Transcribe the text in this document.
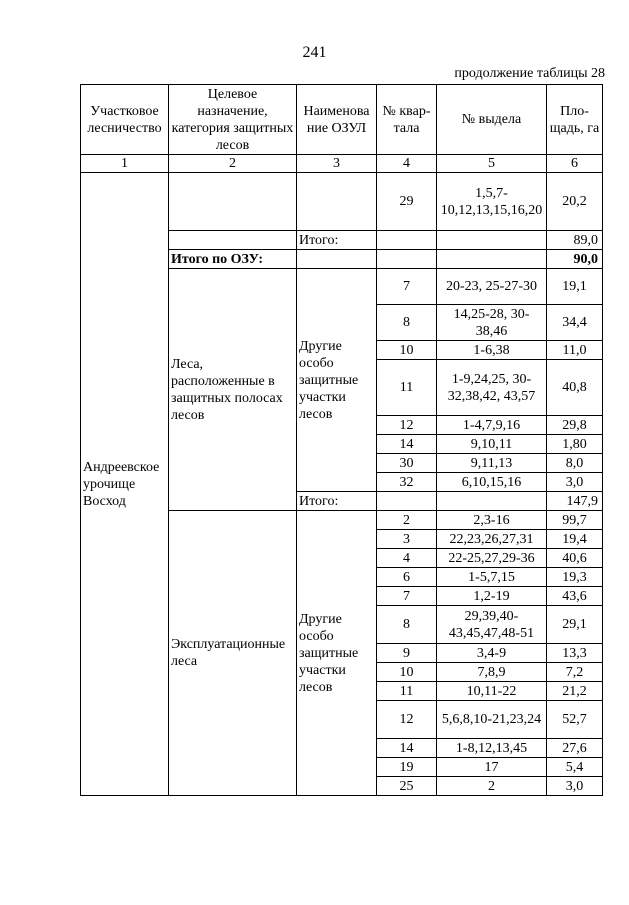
241
продолжение таблицы 28
Участковое лесничество	Целевое назначение, категория защитных лесов	Наименова ние ОЗУЛ	№ квар- тала	№ выдела	Пло- щадь, га
1	2	3	4	5	6
Андреевское урочище Восход			29	1,5,7-10,12,13,15,16,20	20,2
		Итого:			89,0
	Итого по ОЗУ:				90,0
	Леса, расположенные в защитных полосах лесов	Другие особо защитные участки лесов	7	20-23, 25-27-30	19,1
			8	14,25-28, 30-38,46	34,4
			10	1-6,38	11,0
			11	1-9,24,25, 30-32,38,42, 43,57	40,8
			12	1-4,7,9,16	29,8
			14	9,10,11	1,80
			30	9,11,13	8,0
			32	6,10,15,16	3,0
		Итого:			147,9
	Эксплуатационные леса	Другие особо защитные участки лесов	2	2,3-16	99,7
			3	22,23,26,27,31	19,4
			4	22-25,27,29-36	40,6
			6	1-5,7,15	19,3
			7	1,2-19	43,6
			8	29,39,40-43,45,47,48-51	29,1
			9	3,4-9	13,3
			10	7,8,9	7,2
			11	10,11-22	21,2
			12	5,6,8,10-21,23,24	52,7
			14	1-8,12,13,45	27,6
			19	17	5,4
			25	2	3,0
